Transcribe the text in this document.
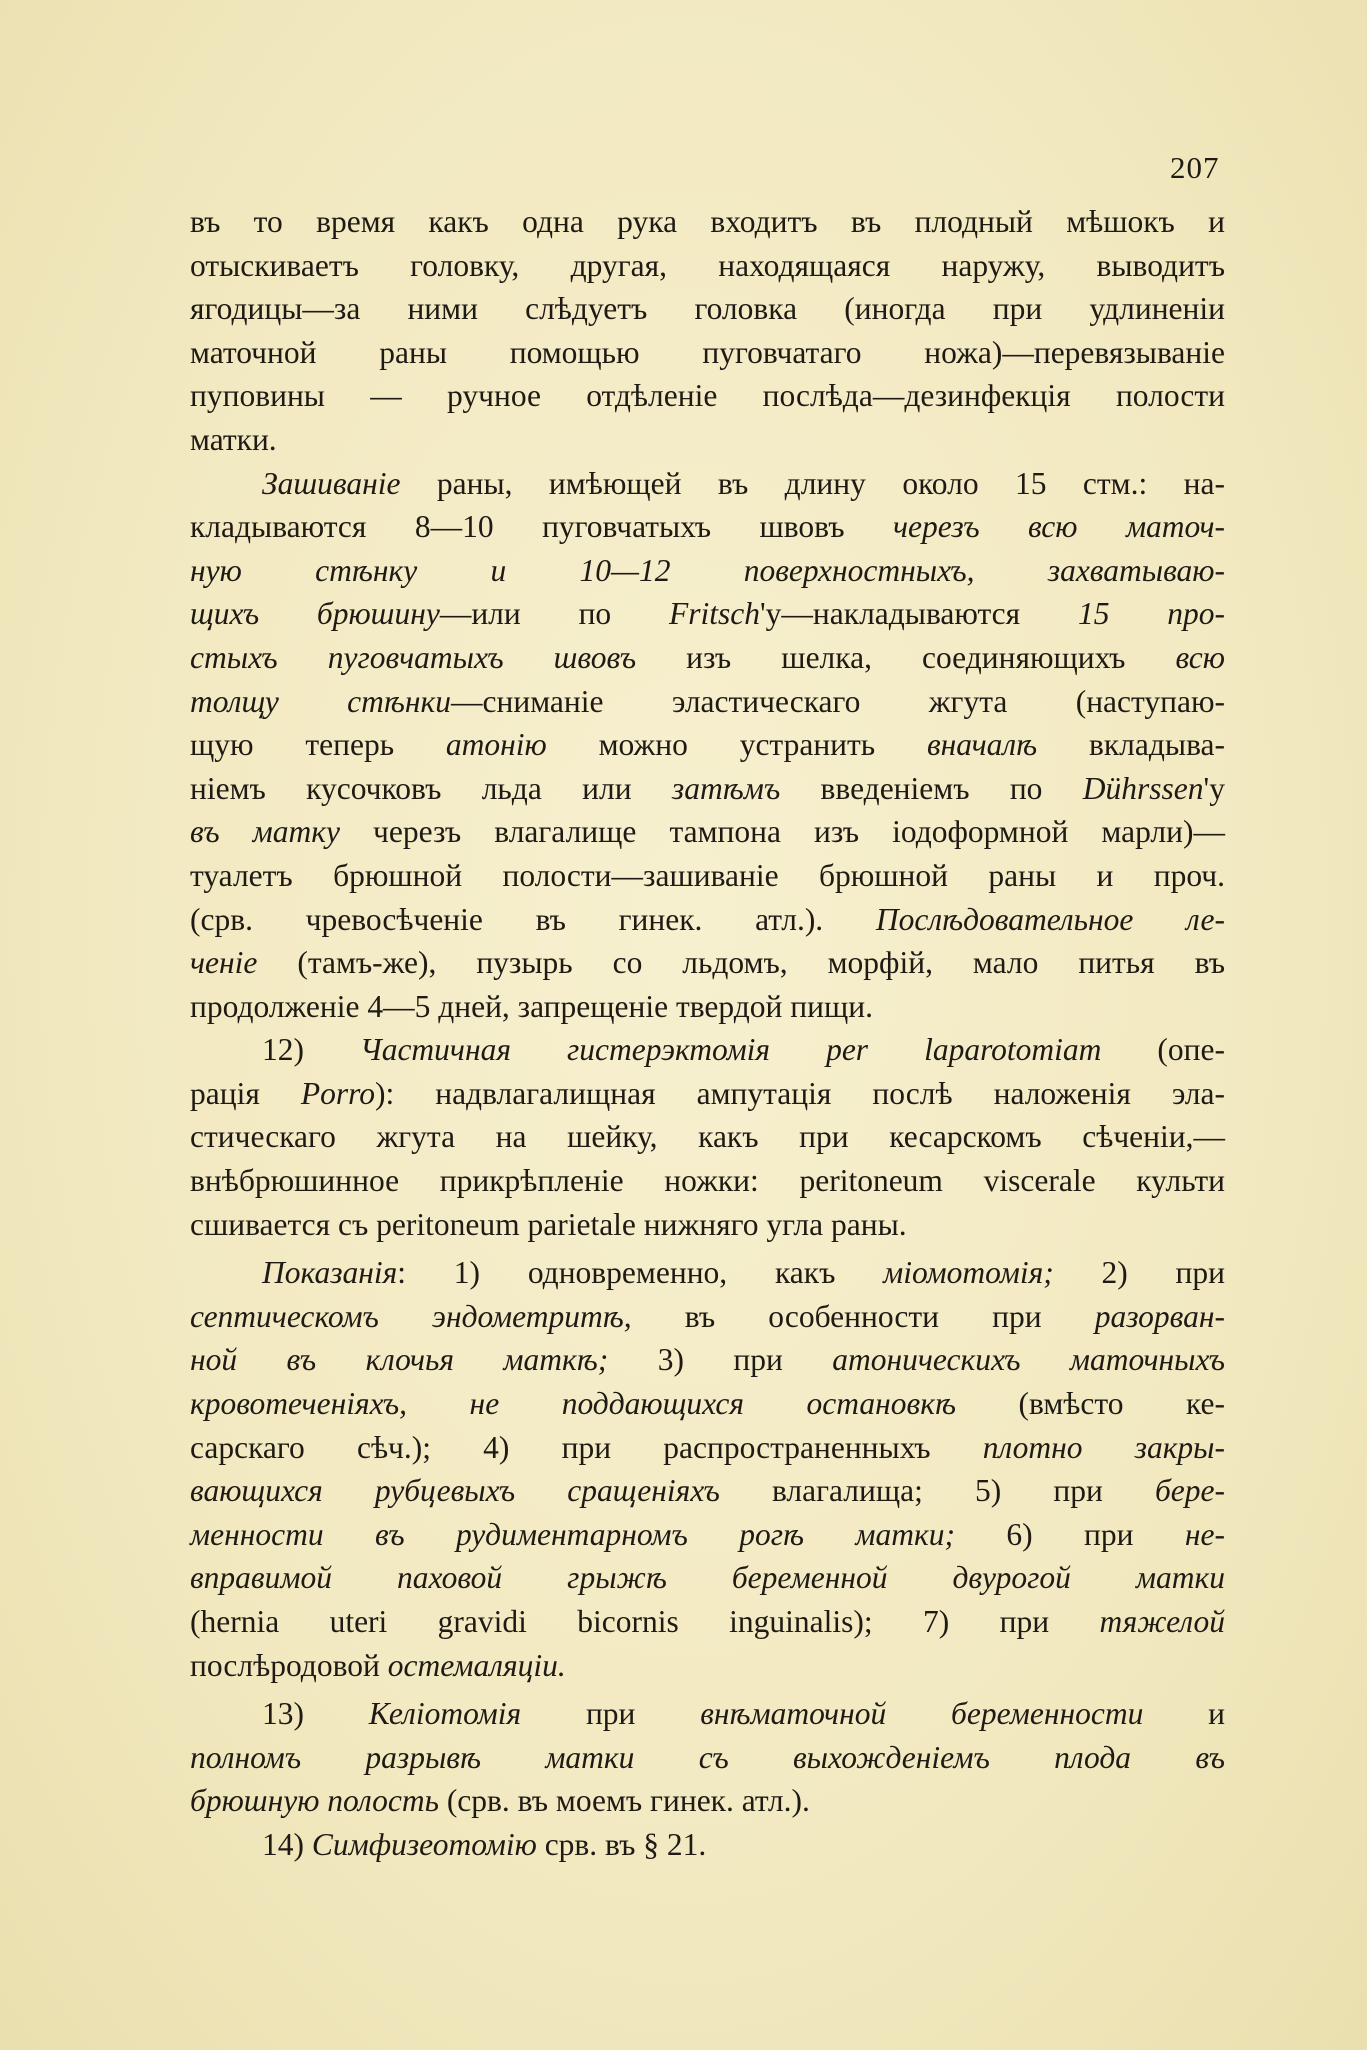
207

въ то время какъ одна рука входитъ въ плодный мѣшокъ и
отыскиваетъ головку, другая, находящаяся наружу, выводитъ
ягодицы—за ними слѣдуетъ головка (иногда при удлиненіи
маточной раны помощью пуговчатаго ножа)—перевязываніе
пуповины — ручное отдѣленіе послѣда—дезинфекція полости
матки.

Зашиваніе раны, имѣющей въ длину около 15 стм.: на-
кладываются 8—10 пуговчатыхъ швовъ черезъ всю маточ-
ную стѣнку и 10—12 поверхностныхъ, захватываю-
щихъ брюшину—или по Fritsch'у—накладываются 15 про-
стыхъ пуговчатыхъ швовъ изъ шелка, соединяющихъ всю
толщу стѣнки—сниманіе эластическаго жгута (наступаю-
щую теперь атонію можно устранить вначалѣ вкладыва-
ніемъ кусочковъ льда или затѣмъ введеніемъ по Dührssen'у
въ матку черезъ влагалище тампона изъ іодоформной марли)—
туалетъ брюшной полости—зашиваніе брюшной раны и проч.
(срв. чревосѣченіе въ гинек. атл.). Послѣдовательное ле-
ченіе (тамъ-же), пузырь со льдомъ, морфій, мало питья въ
продолженіе 4—5 дней, запрещеніе твердой пищи.

12) Частичная гистерэктомія per laparotomiam (опе-
рація Porro): надвлагалищная ампутація послѣ наложенія эла-
стическаго жгута на шейку, какъ при кесарскомъ сѣченіи,—
внѣбрюшинное прикрѣпленіе ножки: peritoneum viscerale культи
сшивается съ peritoneum parietale нижняго угла раны.

Показанія: 1) одновременно, какъ міомотомія; 2) при
септическомъ эндометритѣ, въ особенности при разорван-
ной въ клочья маткѣ; 3) при атоническихъ маточныхъ
кровотеченіяхъ, не поддающихся остановкѣ (вмѣсто ке-
сарскаго сѣч.); 4) при распространенныхъ плотно закры-
вающихся рубцевыхъ сращеніяхъ влагалища; 5) при бере-
менности въ рудиментарномъ рогѣ матки; 6) при не-
вправимой паховой грыжѣ беременной двурогой матки
(hernia uteri gravidi bicornis inguinalis); 7) при тяжелой
послѣродовой остемаляціи.

13) Келіотомія при внѣматочной беременности и
полномъ разрывѣ матки съ выхожденіемъ плода въ
брюшную полость (срв. въ моемъ гинек. атл.).

14) Симфизеотомію срв. въ § 21.
